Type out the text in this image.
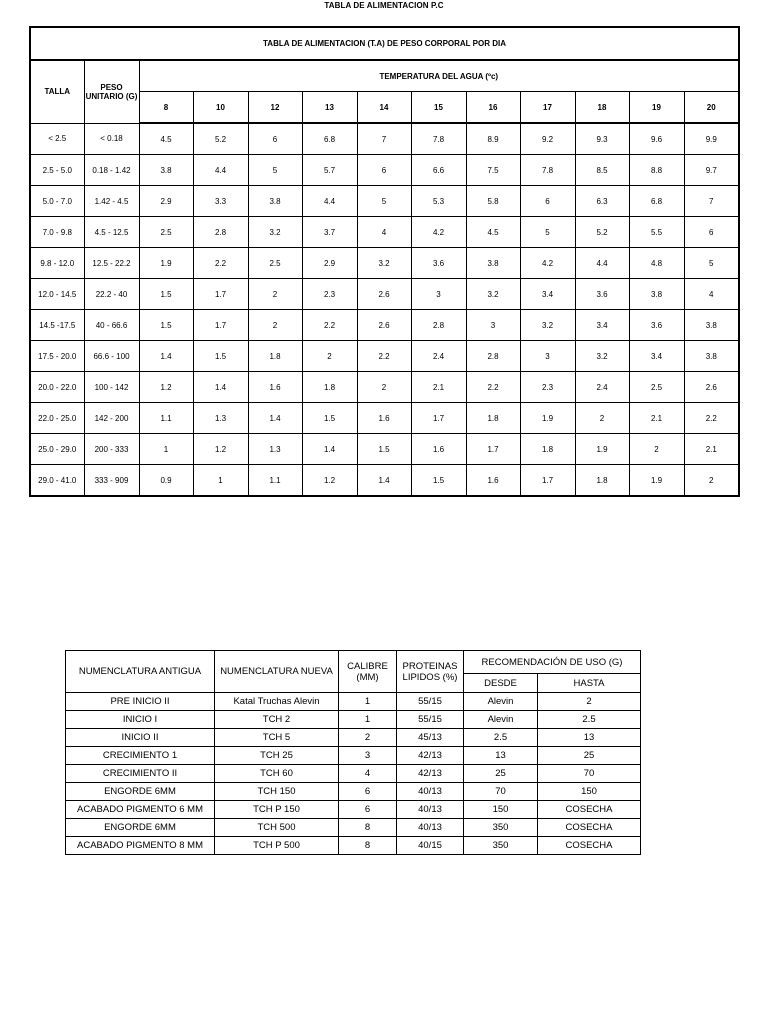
TABLA DE ALIMENTACION P.C
TABLA DE ALIMENTACION (T.A) DE PESO CORPORAL POR DIA												
TALLA	PESO UNITARIO (G)	TEMPERATURA DEL AGUA (ºc)										
		8	10	12	13	14	15	16	17	18	19	20
< 2.5	< 0.18	4.5	5.2	6	6.8	7	7.8	8.9	9.2	9.3	9.6	9.9
2.5 - 5.0	0.18 - 1.42	3.8	4.4	5	5.7	6	6.6	7.5	7.8	8.5	8.8	9.7
5.0 - 7.0	1.42 - 4.5	2.9	3.3	3.8	4.4	5	5.3	5.8	6	6.3	6.8	7
7.0 - 9.8	4.5 - 12.5	2.5	2.8	3.2	3.7	4	4.2	4.5	5	5.2	5.5	6
9.8 - 12.0	12.5 - 22.2	1.9	2.2	2.5	2.9	3.2	3.6	3.8	4.2	4.4	4.8	5
12.0 - 14.5	22.2 - 40	1.5	1.7	2	2.3	2.6	3	3.2	3.4	3.6	3.8	4
14.5 -17.5	40 - 66.6	1.5	1.7	2	2.2	2.6	2.8	3	3.2	3.4	3.6	3.8
17.5 - 20.0	66.6 - 100	1.4	1.5	1.8	2	2.2	2.4	2.8	3	3.2	3.4	3.8
20.0 - 22.0	100 - 142	1.2	1.4	1.6	1.8	2	2.1	2.2	2.3	2.4	2.5	2.6
22.0 - 25.0	142 - 200	1.1	1.3	1.4	1.5	1.6	1.7	1.8	1.9	2	2.1	2.2
25.0 - 29.0	200 - 333	1	1.2	1.3	1.4	1.5	1.6	1.7	1.8	1.9	2	2.1
29.0 - 41.0	333 - 909	0.9	1	1.1	1.2	1.4	1.5	1.6	1.7	1.8	1.9	2
NUMENCLATURA ANTIGUA	NUMENCLATURA NUEVA	CALIBRE (MM)	PROTEINAS LIPIDOS (%)	RECOMENDACIÓN DE USO (G)	
				DESDE	HASTA
PRE INICIO II	Katal Truchas Alevin	1	55/15	Alevin	2
INICIO I	TCH 2	1	55/15	Alevin	2.5
INICIO II	TCH 5	2	45/13	2.5	13
CRECIMIENTO 1	TCH 25	3	42/13	13	25
CRECIMIENTO II	TCH 60	4	42/13	25	70
ENGORDE 6MM	TCH 150	6	40/13	70	150
ACABADO PIGMENTO 6 MM	TCH P 150	6	40/13	150	COSECHA
ENGORDE 6MM	TCH 500	8	40/13	350	COSECHA
ACABADO PIGMENTO 8 MM	TCH P 500	8	40/15	350	COSECHA
